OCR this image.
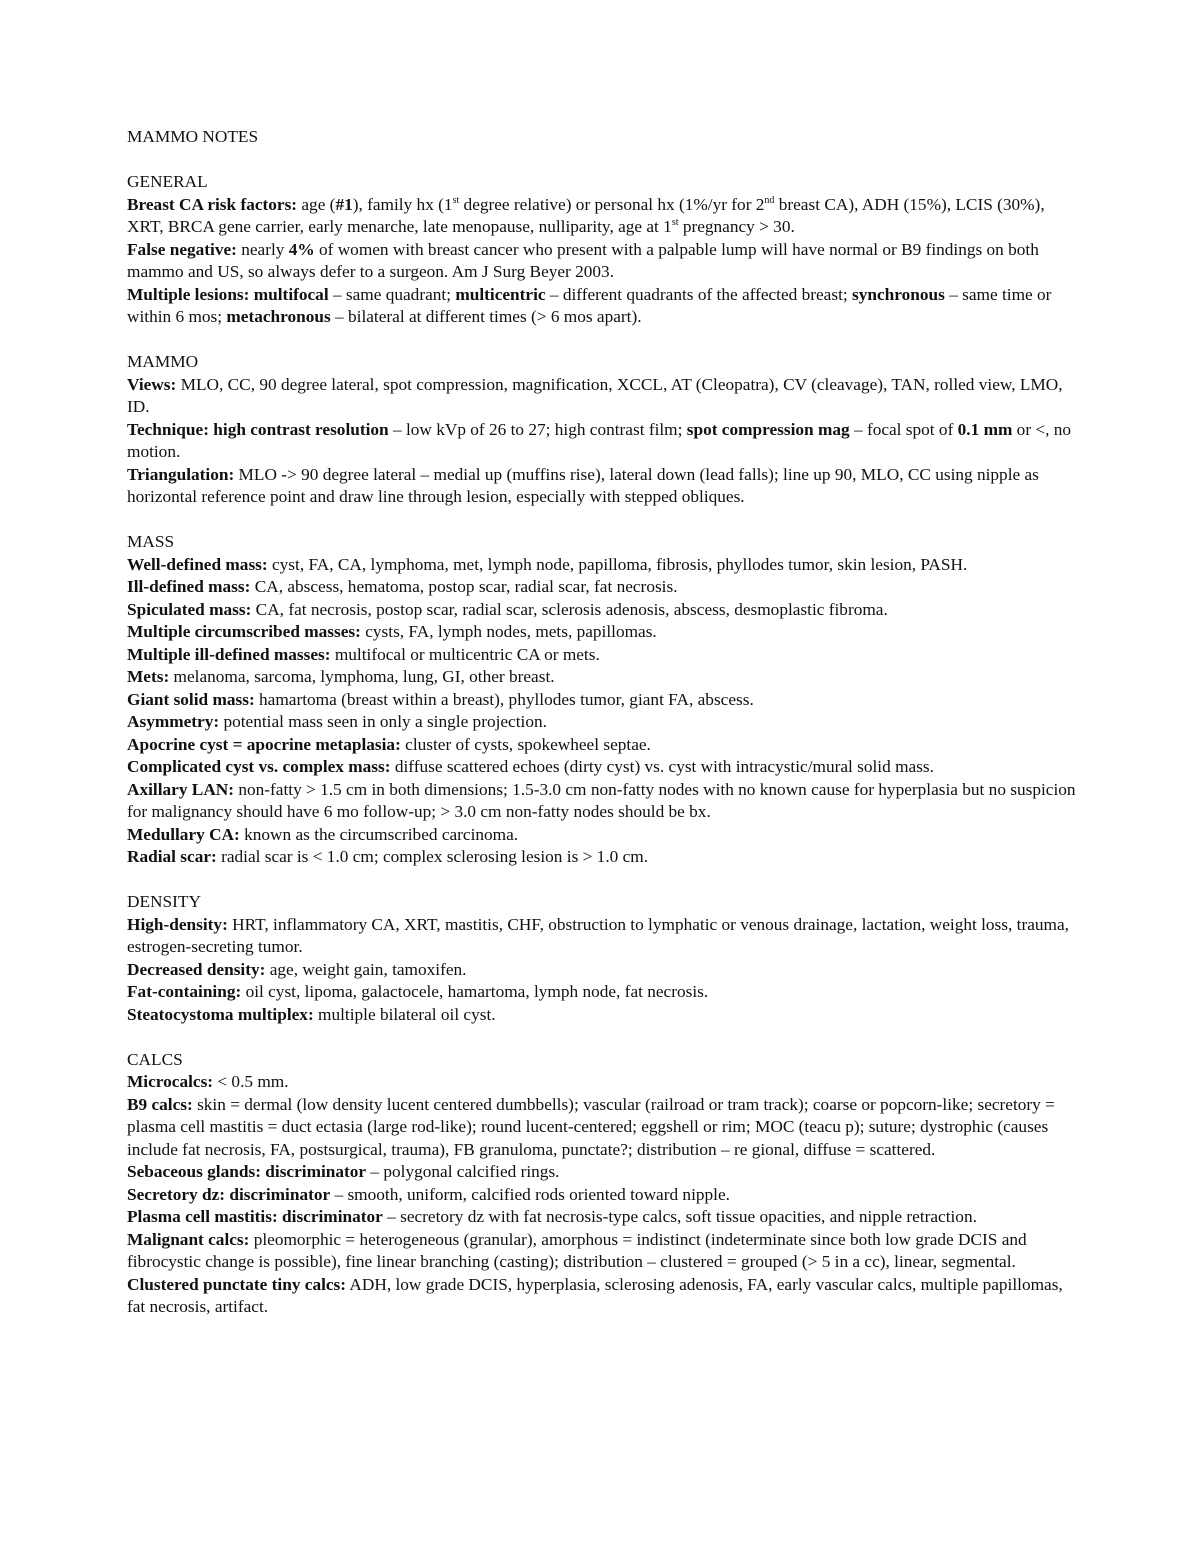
MAMMO NOTES
GENERAL

Breast CA risk factors: age (#1), family hx (1st degree relative) or personal hx (1%/yr for 2nd breast CA), ADH (15%), LCIS (30%), XRT, BRCA gene carrier, early menarche, late menopause, nulliparity, age at 1st pregnancy > 30.

False negative: nearly 4% of women with breast cancer who present with a palpable lump will have normal or B9 findings on both mammo and US, so always defer to a surgeon. Am J Surg Beyer 2003.

Multiple lesions: multifocal – same quadrant; multicentric – different quadrants of the affected breast; synchronous – same time or within 6 mos; metachronous – bilateral at different times (> 6 mos apart).

MAMMO

Views: MLO, CC, 90 degree lateral, spot compression, magnification, XCCL, AT (Cleopatra), CV (cleavage), TAN, rolled view, LMO, ID.

Technique: high contrast resolution – low kVp of 26 to 27; high contrast film; spot compression mag – focal spot of 0.1 mm or <, no motion.

Triangulation: MLO -> 90 degree lateral – medial up (muffins rise), lateral down (lead falls); line up 90, MLO, CC using nipple as horizontal reference point and draw line through lesion, especially with stepped obliques.

MASS

Well-defined mass: cyst, FA, CA, lymphoma, met, lymph node, papilloma, fibrosis, phyllodes tumor, skin lesion, PASH.

Ill-defined mass: CA, abscess, hematoma, postop scar, radial scar, fat necrosis.

Spiculated mass: CA, fat necrosis, postop scar, radial scar, sclerosis adenosis, abscess, desmoplastic fibroma.

Multiple circumscribed masses: cysts, FA, lymph nodes, mets, papillomas.

Multiple ill-defined masses: multifocal or multicentric CA or mets.

Mets: melanoma, sarcoma, lymphoma, lung, GI, other breast.

Giant solid mass: hamartoma (breast within a breast), phyllodes tumor, giant FA, abscess.

Asymmetry: potential mass seen in only a single projection.

Apocrine cyst = apocrine metaplasia: cluster of cysts, spokewheel septae.

Complicated cyst vs. complex mass: diffuse scattered echoes (dirty cyst) vs. cyst with intracystic/mural solid mass.

Axillary LAN: non-fatty > 1.5 cm in both dimensions; 1.5-3.0 cm non-fatty nodes with no known cause for hyperplasia but no suspicion for malignancy should have 6 mo follow-up; > 3.0 cm non-fatty nodes should be bx.

Medullary CA: known as the circumscribed carcinoma.

Radial scar: radial scar is < 1.0 cm; complex sclerosing lesion is > 1.0 cm.

DENSITY

High-density: HRT, inflammatory CA, XRT, mastitis, CHF, obstruction to lymphatic or venous drainage, lactation, weight loss, trauma, estrogen-secreting tumor.

Decreased density: age, weight gain, tamoxifen.

Fat-containing: oil cyst, lipoma, galactocele, hamartoma, lymph node, fat necrosis.

Steatocystoma multiplex: multiple bilateral oil cyst.

CALCS

Microcalcs: < 0.5 mm.

B9 calcs: skin = dermal (low density lucent centered dumbbells); vascular (railroad or tram track); coarse or popcorn-like; secretory = plasma cell mastitis = duct ectasia (large rod-like); round lucent-centered; eggshell or rim; MOC (teacu p); suture; dystrophic (causes include fat necrosis, FA, postsurgical, trauma), FB granuloma, punctate?; distribution – re gional, diffuse = scattered.

Sebaceous glands: discriminator – polygonal calcified rings.

Secretory dz: discriminator – smooth, uniform, calcified rods oriented toward nipple.

Plasma cell mastitis: discriminator – secretory dz with fat necrosis-type calcs, soft tissue opacities, and nipple retraction.

Malignant calcs: pleomorphic = heterogeneous (granular), amorphous = indistinct (indeterminate since both low grade DCIS and fibrocystic change is possible), fine linear branching (casting); distribution – clustered = grouped (> 5 in a cc), linear, segmental.

Clustered punctate tiny calcs: ADH, low grade DCIS, hyperplasia, sclerosing adenosis, FA, early vascular calcs, multiple papillomas, fat necrosis, artifact.
